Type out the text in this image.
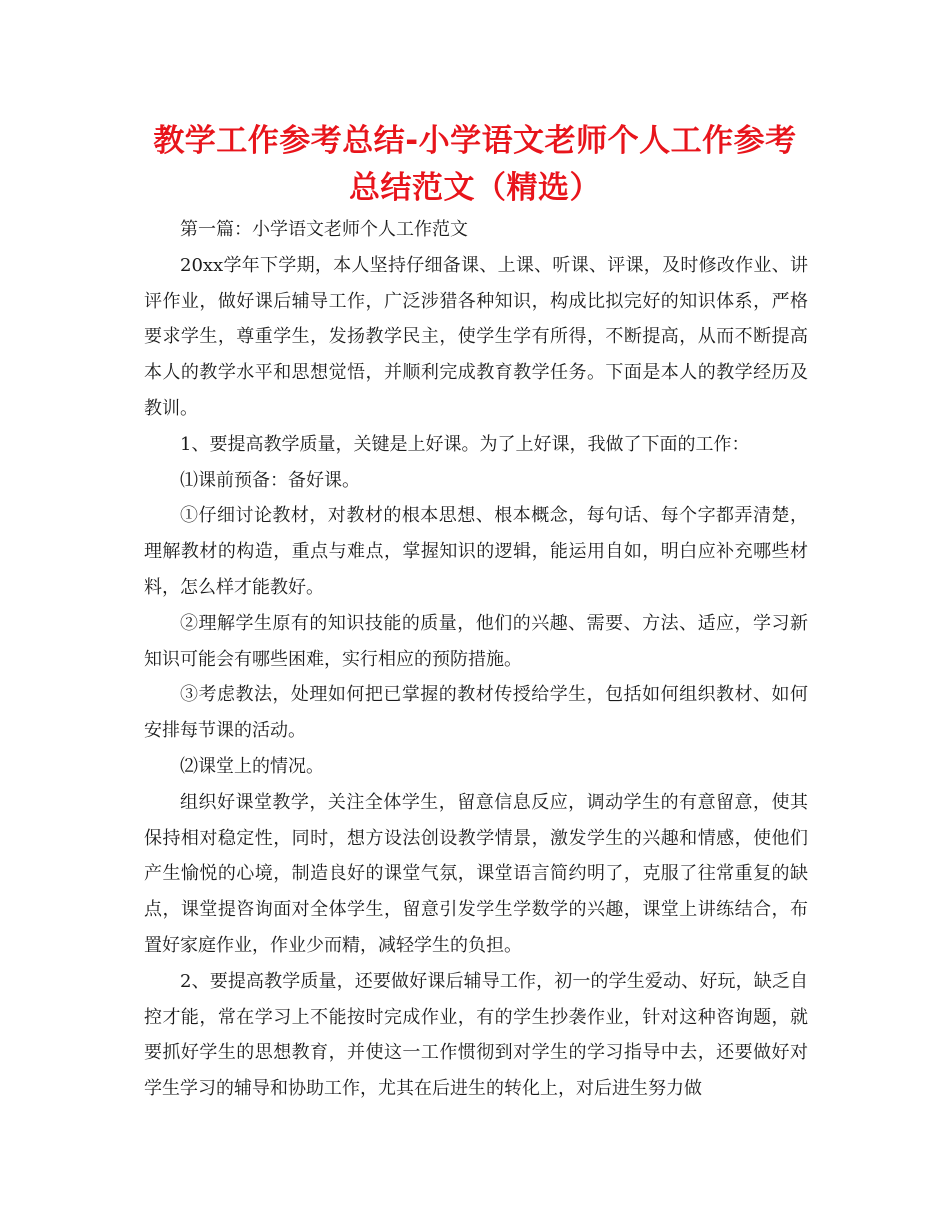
教学工作参考总结-小学语文老师个人工作参考总结范文（精选）

第一篇：小学语文老师个人工作范文

20xx学年下学期，本人坚持仔细备课、上课、听课、评课，及时修改作业、讲评作业，做好课后辅导工作，广泛涉猎各种知识，构成比拟完好的知识体系，严格要求学生，尊重学生，发扬教学民主，使学生学有所得，不断提高，从而不断提高本人的教学水平和思想觉悟，并顺利完成教育教学任务。下面是本人的教学经历及教训。

1、要提高教学质量，关键是上好课。为了上好课，我做了下面的工作：

⑴课前预备：备好课。

①仔细讨论教材，对教材的根本思想、根本概念，每句话、每个字都弄清楚，理解教材的构造，重点与难点，掌握知识的逻辑，能运用自如，明白应补充哪些材料，怎么样才能教好。

②理解学生原有的知识技能的质量，他们的兴趣、需要、方法、适应，学习新知识可能会有哪些困难，实行相应的预防措施。

③考虑教法，处理如何把已掌握的教材传授给学生，包括如何组织教材、如何安排每节课的活动。

⑵课堂上的情况。

组织好课堂教学，关注全体学生，留意信息反应，调动学生的有意留意，使其保持相对稳定性，同时，想方设法创设教学情景，激发学生的兴趣和情感，使他们产生愉悦的心境，制造良好的课堂气氛，课堂语言简约明了，克服了往常重复的缺点，课堂提咨询面对全体学生，留意引发学生学数学的兴趣，课堂上讲练结合，布置好家庭作业，作业少而精，减轻学生的负担。

2、要提高教学质量，还要做好课后辅导工作，初一的学生爱动、好玩，缺乏自控才能，常在学习上不能按时完成作业，有的学生抄袭作业，针对这种咨询题，就要抓好学生的思想教育，并使这一工作惯彻到对学生的学习指导中去，还要做好对学生学习的辅导和协助工作，尤其在后进生的转化上，对后进生努力做
